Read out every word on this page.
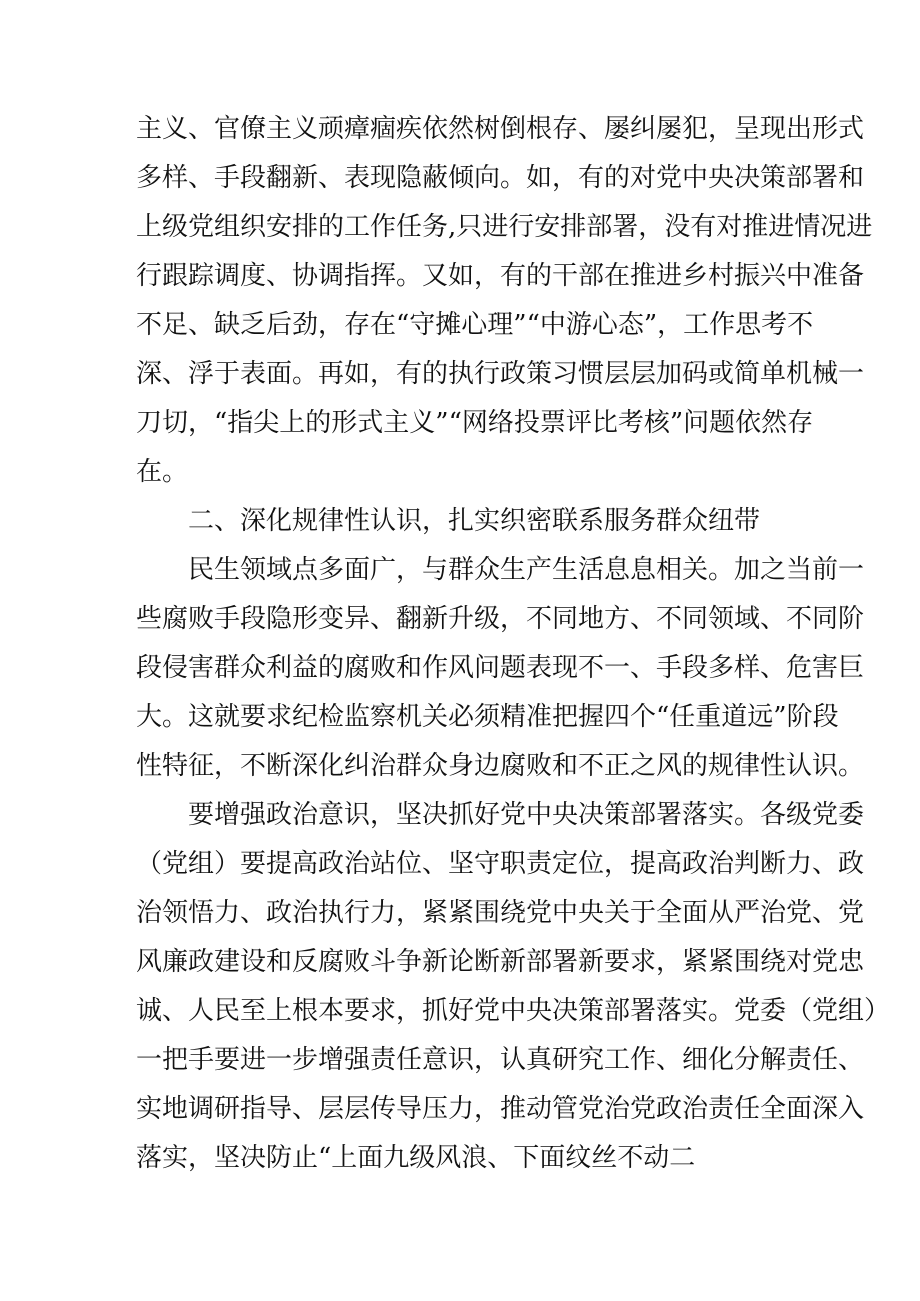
主义、官僚主义顽瘴痼疾依然树倒根存、屡纠屡犯，呈现出形式
多样、手段翻新、表现隐蔽倾向。如，有的对党中央决策部署和
上级党组织安排的工作任务,只进行安排部署，没有对推进情况进
行跟踪调度、协调指挥。又如，有的干部在推进乡村振兴中准备
不足、缺乏后劲，存在“守摊心理”“中游心态”，工作思考不
深、浮于表面。再如，有的执行政策习惯层层加码或简单机械一
刀切，“指尖上的形式主义”“网络投票评比考核”问题依然存
在。
二、深化规律性认识，扎实织密联系服务群众纽带
民生领域点多面广，与群众生产生活息息相关。加之当前一
些腐败手段隐形变异、翻新升级，不同地方、不同领域、不同阶
段侵害群众利益的腐败和作风问题表现不一、手段多样、危害巨
大。这就要求纪检监察机关必须精准把握四个“任重道远”阶段
性特征，不断深化纠治群众身边腐败和不正之风的规律性认识。
要增强政治意识，坚决抓好党中央决策部署落实。各级党委
（党组）要提高政治站位、坚守职责定位，提高政治判断力、政
治领悟力、政治执行力，紧紧围绕党中央关于全面从严治党、党
风廉政建设和反腐败斗争新论断新部署新要求，紧紧围绕对党忠
诚、人民至上根本要求，抓好党中央决策部署落实。党委（党组）
一把手要进一步增强责任意识，认真研究工作、细化分解责任、
实地调研指导、层层传导压力，推动管党治党政治责任全面深入
落实，坚决防止“上面九级风浪、下面纹丝不动二
